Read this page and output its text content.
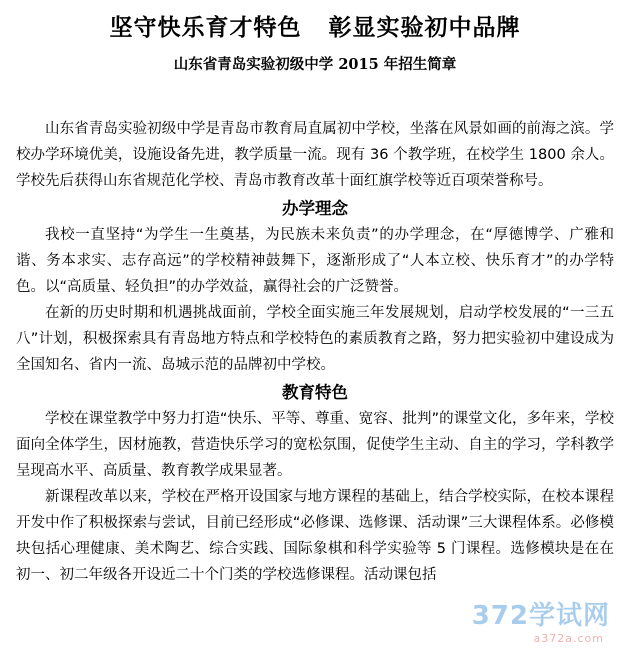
坚守快乐育才特色   彰显实验初中品牌
山东省青岛实验初级中学 2015 年招生简章

山东省青岛实验初级中学是青岛市教育局直属初中学校，坐落在风景如画的前海之滨。学校办学环境优美，设施设备先进，教学质量一流。现有 36 个教学班，在校学生 1800 余人。学校先后获得山东省规范化学校、青岛市教育改革十面红旗学校等近百项荣誉称号。

办学理念

我校一直坚持“为学生一生奠基，为民族未来负责”的办学理念，在“厚德博学、广雅和谐、务本求实、志存高远”的学校精神鼓舞下，逐渐形成了“人本立校、快乐育才”的办学特色。以“高质量、轻负担”的办学效益，赢得社会的广泛赞誉。

在新的历史时期和机遇挑战面前，学校全面实施三年发展规划，启动学校发展的“一三五八”计划，积极探索具有青岛地方特点和学校特色的素质教育之路，努力把实验初中建设成为全国知名、省内一流、岛城示范的品牌初中学校。

教育特色

学校在课堂教学中努力打造“快乐、平等、尊重、宽容、批判”的课堂文化，多年来，学校面向全体学生，因材施教，营造快乐学习的宽松氛围，促使学生主动、自主的学习，学科教学呈现高水平、高质量、教育教学成果显著。

新课程改革以来，学校在严格开设国家与地方课程的基础上，结合学校实际，在校本课程开发中作了积极探索与尝试，目前已经形成“必修课、选修课、活动课”三大课程体系。必修模块包括心理健康、美术陶艺、综合实践、国际象棋和科学实验等 5 门课程。选修模块是在在初一、初二年级各开设近二十个门类的学校选修课程。活动课包括

372学试网
a372a.com
